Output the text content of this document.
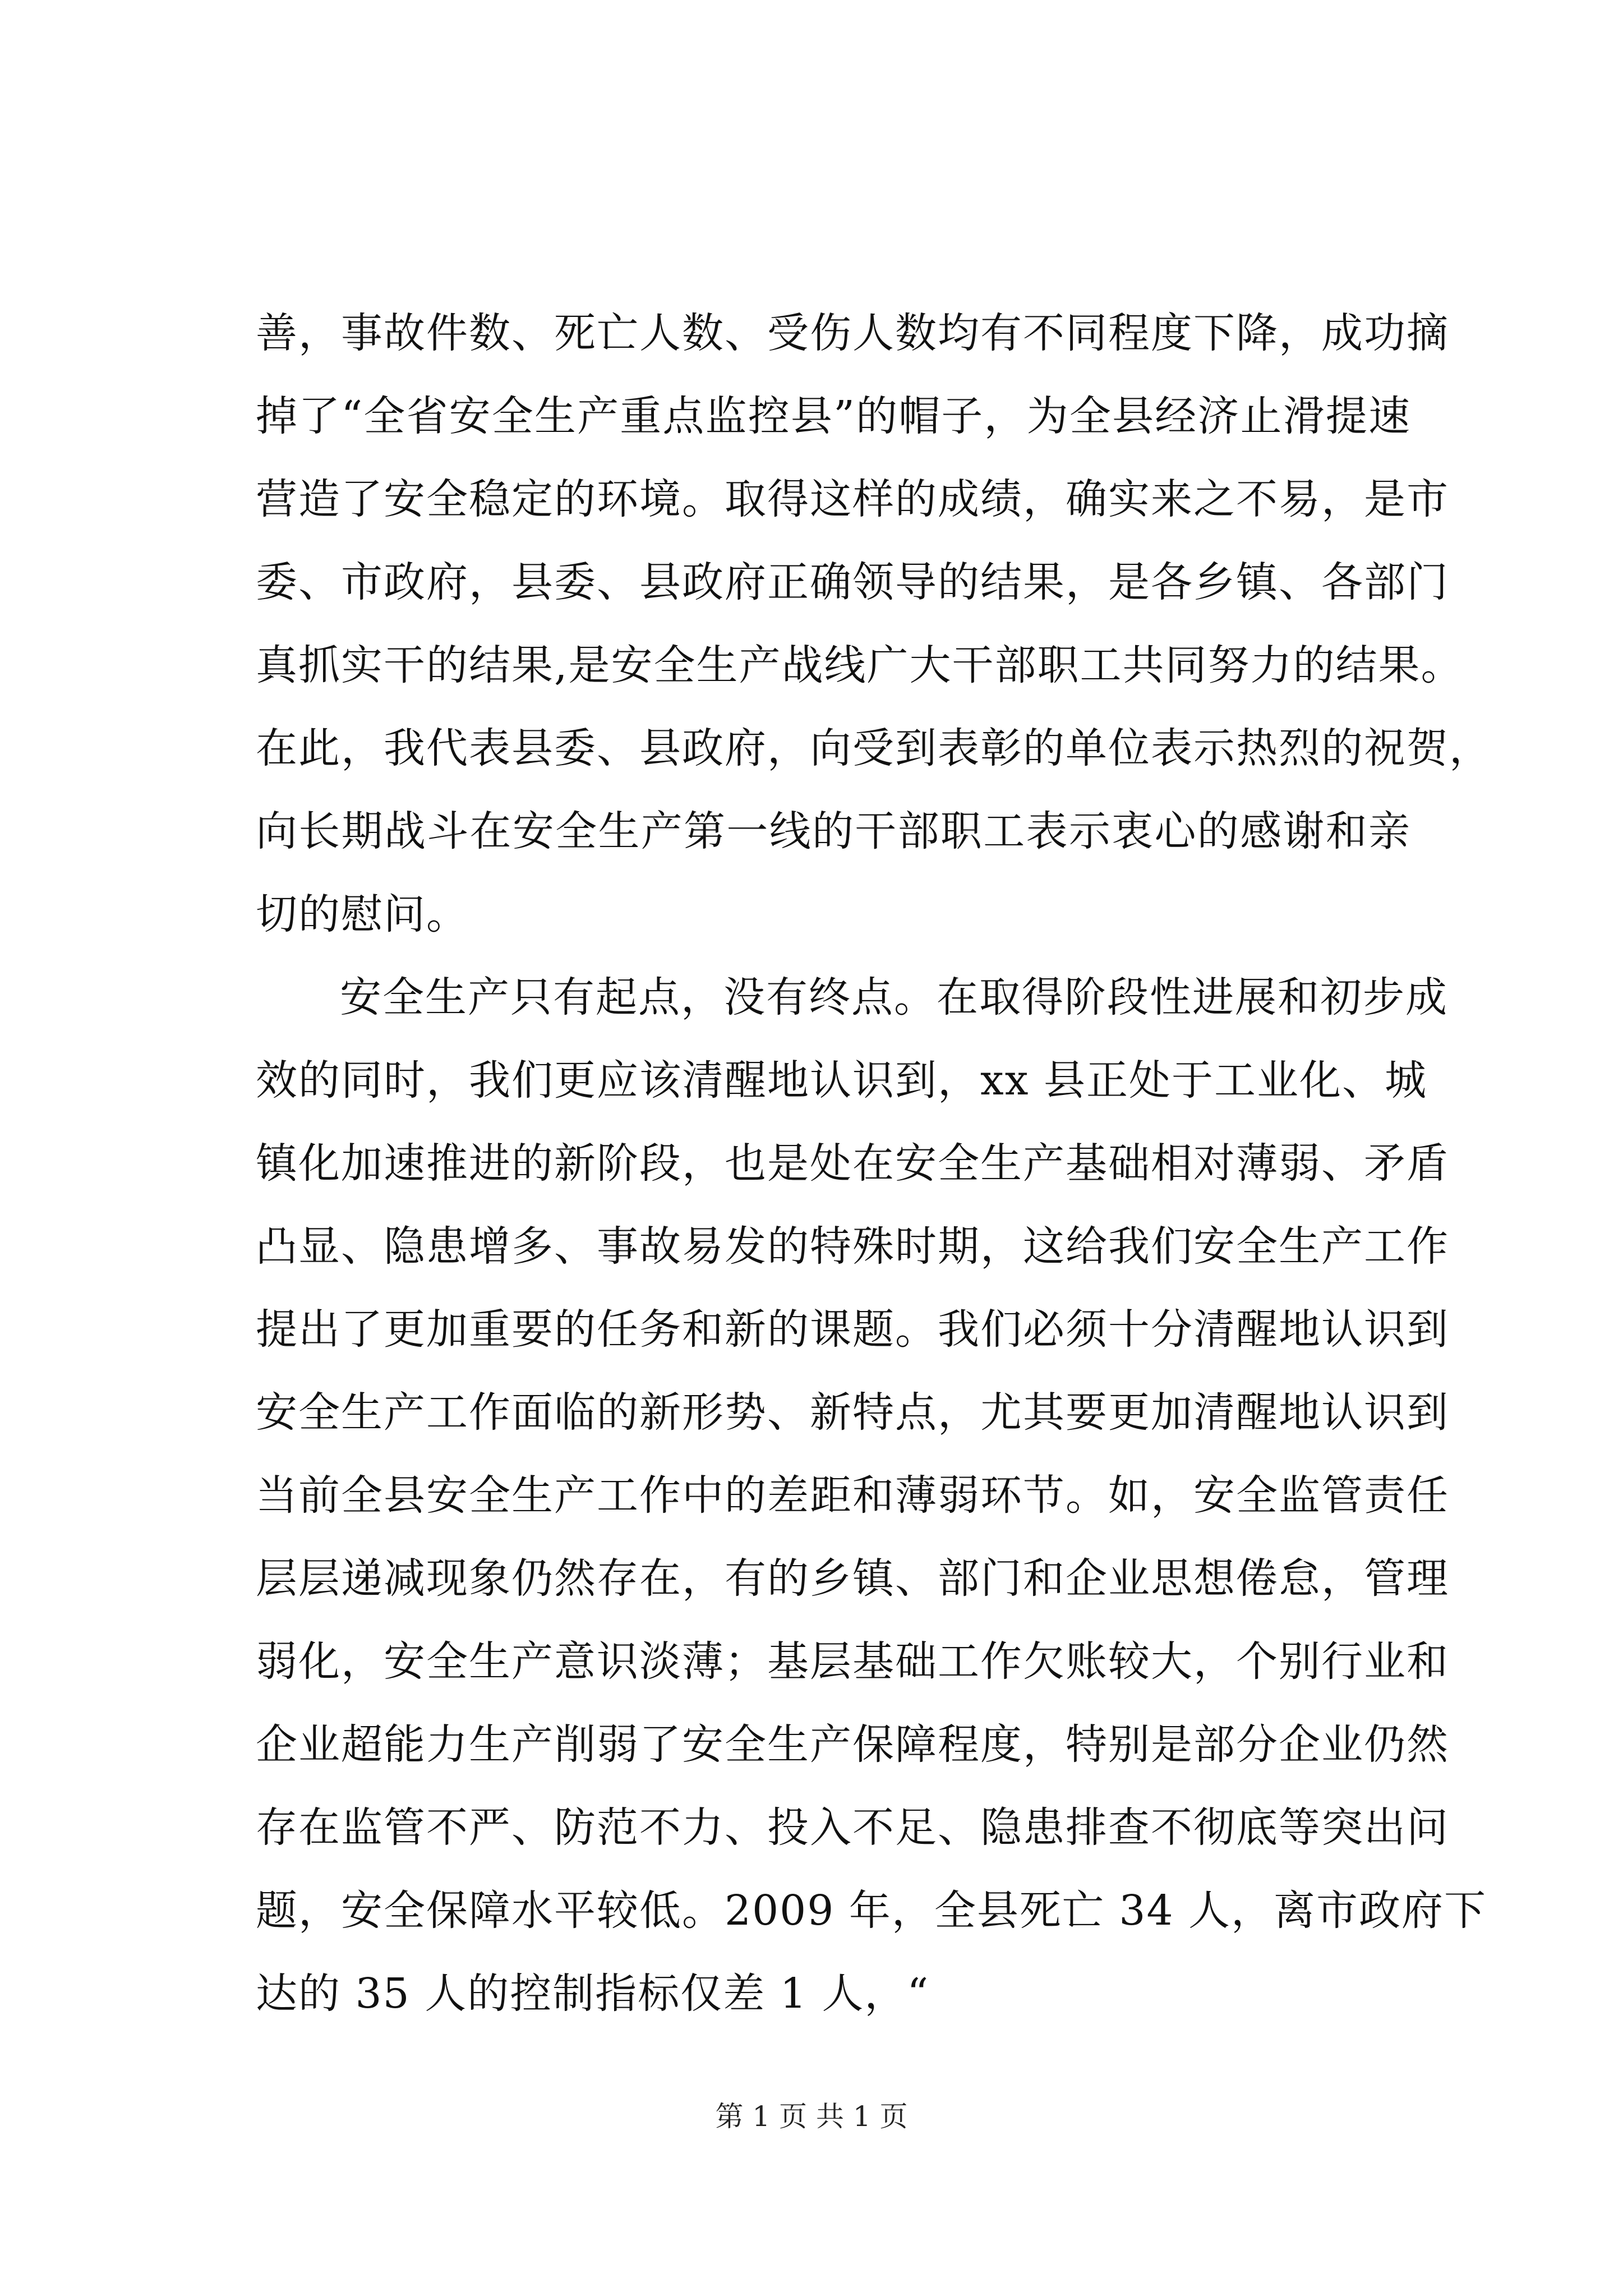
善，事故件数、死亡人数、受伤人数均有不同程度下降，成功摘
掉了“全省安全生产重点监控县”的帽子，为全县经济止滑提速
营造了安全稳定的环境。取得这样的成绩，确实来之不易，是市
委、市政府，县委、县政府正确领导的结果，是各乡镇、各部门
真抓实干的结果,是安全生产战线广大干部职工共同努力的结果。
在此，我代表县委、县政府，向受到表彰的单位表示热烈的祝贺，
向长期战斗在安全生产第一线的干部职工表示衷心的感谢和亲
切的慰问。
安全生产只有起点，没有终点。在取得阶段性进展和初步成
效的同时，我们更应该清醒地认识到，xx 县正处于工业化、城
镇化加速推进的新阶段，也是处在安全生产基础相对薄弱、矛盾
凸显、隐患增多、事故易发的特殊时期，这给我们安全生产工作
提出了更加重要的任务和新的课题。我们必须十分清醒地认识到
安全生产工作面临的新形势、新特点，尤其要更加清醒地认识到
当前全县安全生产工作中的差距和薄弱环节。如，安全监管责任
层层递减现象仍然存在，有的乡镇、部门和企业思想倦怠，管理
弱化，安全生产意识淡薄；基层基础工作欠账较大，个别行业和
企业超能力生产削弱了安全生产保障程度，特别是部分企业仍然
存在监管不严、防范不力、投入不足、隐患排查不彻底等突出问
题，安全保障水平较低。2009 年，全县死亡 34 人，离市政府下
达的 35 人的控制指标仅差 1 人，“
第 1 页 共 1 页
